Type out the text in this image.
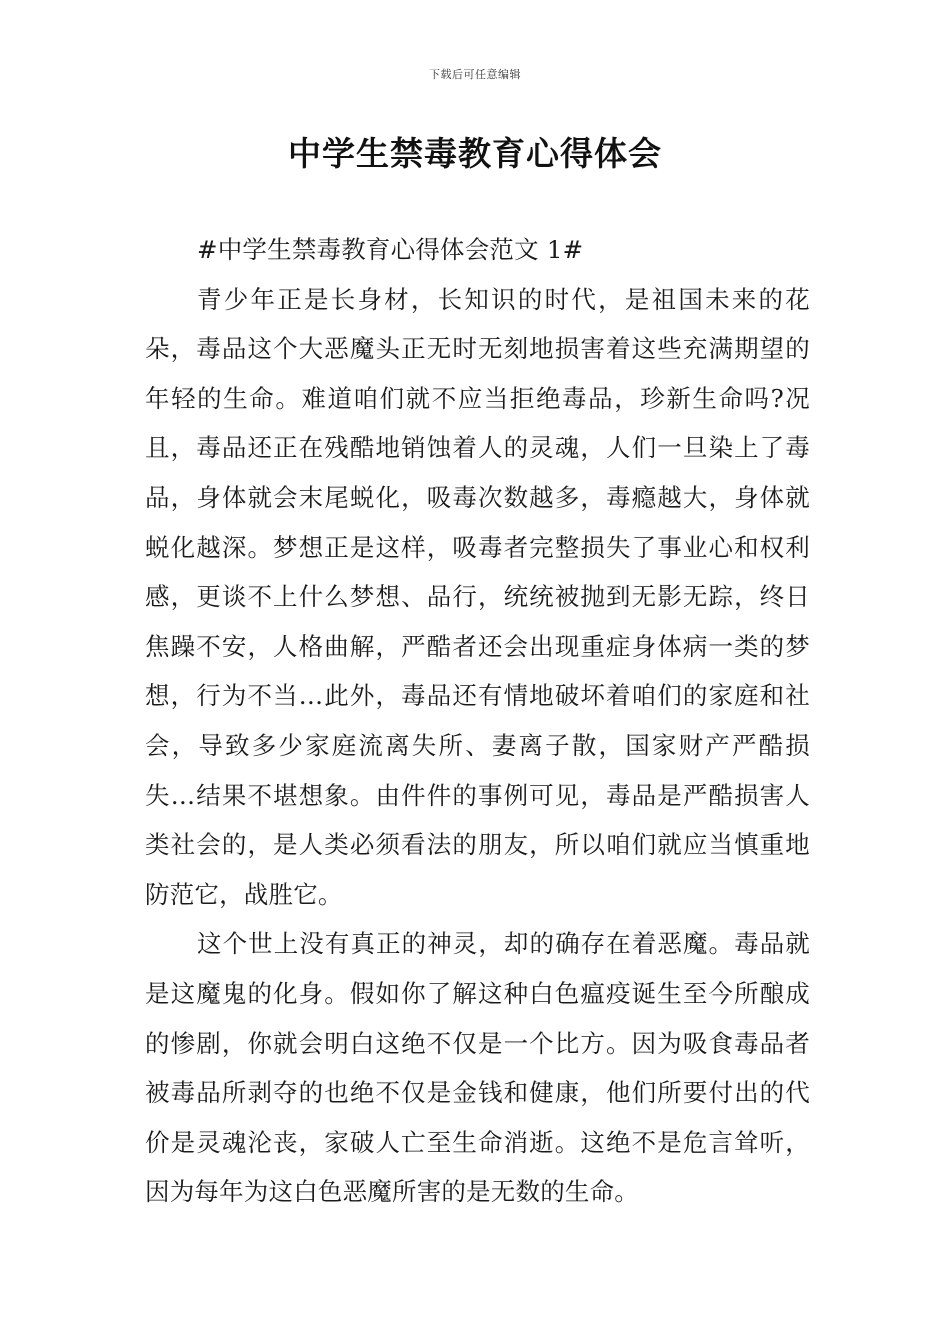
下载后可任意编辑
中学生禁毒教育心得体会

#中学生禁毒教育心得体会范文 1#

青少年正是长身材，长知识的时代，是祖国未来的花朵，毒品这个大恶魔头正无时无刻地损害着这些充满期望的年轻的生命。难道咱们就不应当拒绝毒品，珍新生命吗?况且，毒品还正在残酷地销蚀着人的灵魂，人们一旦染上了毒品，身体就会末尾蜕化，吸毒次数越多，毒瘾越大，身体就蜕化越深。梦想正是这样，吸毒者完整损失了事业心和权利感，更谈不上什么梦想、品行，统统被抛到无影无踪，终日焦躁不安，人格曲解，严酷者还会出现重症身体病一类的梦想，行为不当…此外，毒品还有情地破坏着咱们的家庭和社会，导致多少家庭流离失所、妻离子散，国家财产严酷损失…结果不堪想象。由件件的事例可见，毒品是严酷损害人类社会的，是人类必须看法的朋友，所以咱们就应当慎重地防范它，战胜它。

这个世上没有真正的神灵，却的确存在着恶魔。毒品就是这魔鬼的化身。假如你了解这种白色瘟疫诞生至今所酿成的惨剧，你就会明白这绝不仅是一个比方。因为吸食毒品者被毒品所剥夺的也绝不仅是金钱和健康，他们所要付出的代价是灵魂沦丧，家破人亡至生命消逝。这绝不是危言耸听，因为每年为这白色恶魔所害的是无数的生命。
